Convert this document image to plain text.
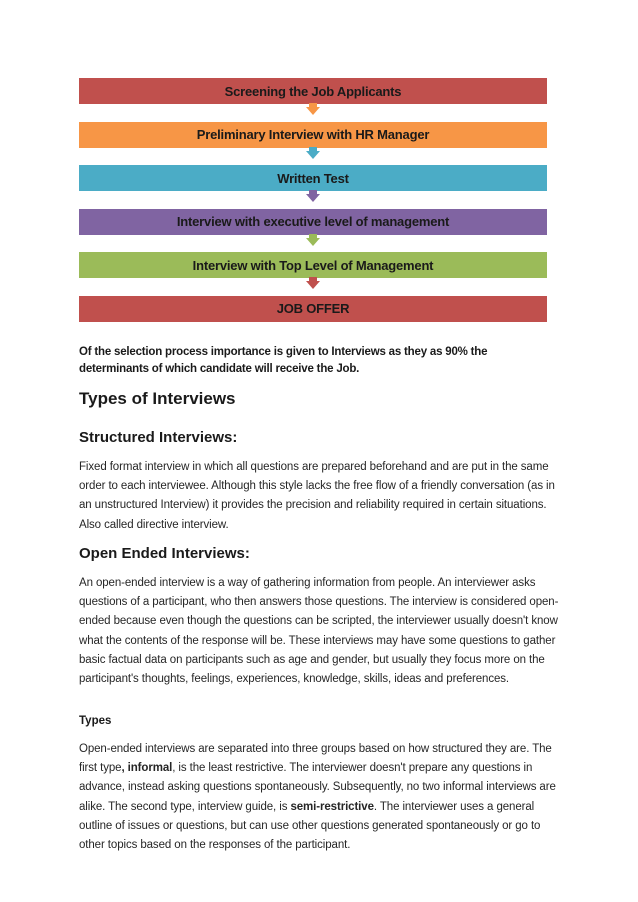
Screening the Job Applicants
Preliminary Interview with HR Manager
Written Test
Interview with executive level of management
Interview with Top Level of Management
JOB OFFER
Of the selection process importance is given to Interviews as they as 90% the determinants of which candidate will receive the Job.
Types of Interviews
Structured Interviews:
Fixed format interview in which all questions are prepared beforehand and are put in the same order to each interviewee. Although this style lacks the free flow of a friendly conversation (as in an unstructured Interview) it provides the precision and reliability required in certain situations. Also called directive interview.
Open Ended Interviews:
An open-ended interview is a way of gathering information from people. An interviewer asks questions of a participant, who then answers those questions. The interview is considered open-ended because even though the questions can be scripted, the interviewer usually doesn't know what the contents of the response will be. These interviews may have some questions to gather basic factual data on participants such as age and gender, but usually they focus more on the participant's thoughts, feelings, experiences, knowledge, skills, ideas and preferences.
Types
Open-ended interviews are separated into three groups based on how structured they are. The first type, informal, is the least restrictive. The interviewer doesn't prepare any questions in advance, instead asking questions spontaneously. Subsequently, no two informal interviews are alike. The second type, interview guide, is semi-restrictive. The interviewer uses a general outline of issues or questions, but can use other questions generated spontaneously or go to other topics based on the responses of the participant.
